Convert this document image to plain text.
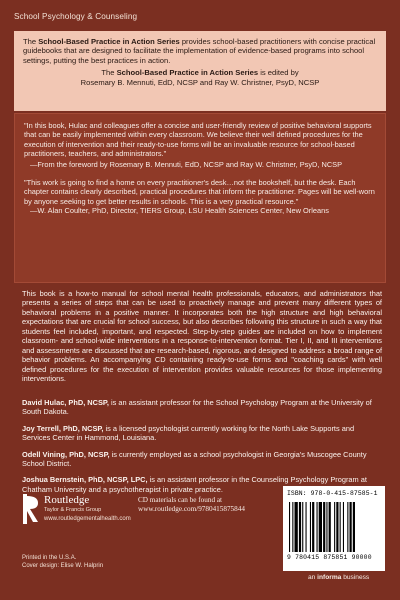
School Psychology & Counseling
The School-Based Practice in Action Series provides school-based practitioners with concise practical guidebooks that are designed to facilitate the implementation of evidence-based programs into school settings, putting the best practices in action.
The School-Based Practice in Action Series is edited by
Rosemary B. Mennuti, EdD, NCSP and Ray W. Christner, PsyD, NCSP
"In this book, Hulac and colleagues offer a concise and user-friendly review of positive behavioral supports that can be easily implemented within every classroom. We believe their well defined procedures for the execution of intervention and their ready-to-use forms will be an invaluable resource for school-based practitioners, teachers, and administrators."
—From the foreword by Rosemary B. Mennuti, EdD, NCSP and Ray W. Christner, PsyD, NCSP
"This work is going to find a home on every practitioner's desk…not the bookshelf, but the desk. Each chapter contains clearly described, practical procedures that inform the practitioner. Pages will be well-worn by anyone seeking to get better results in schools. This is a very practical resource."
—W. Alan Coulter, PhD, Director, TIERS Group, LSU Health Sciences Center, New Orleans
This book is a how-to manual for school mental health professionals, educators, and administrators that presents a series of steps that can be used to proactively manage and prevent many different types of behavioral problems in a positive manner. It incorporates both the high structure and high behavioral expectations that are crucial for school success, but also describes following this structure in such a way that students feel included, important, and respected. Step-by-step guides are included on how to implement classroom- and school-wide interventions in a response-to-intervention format. Tier I, II, and III interventions and assessments are discussed that are research-based, rigorous, and designed to address a broad range of behavior problems. An accompanying CD containing ready-to-use forms and "coaching cards" with well defined procedures for the execution of intervention provides valuable resources for those implementing interventions.
David Hulac, PhD, NCSP, is an assistant professor for the School Psychology Program at the University of South Dakota.
Joy Terrell, PhD, NCSP, is a licensed psychologist currently working for the North Lake Supports and Services Center in Hammond, Louisiana.
Odell Vining, PhD, NCSP, is currently employed as a school psychologist in Georgia's Muscogee County School District.
Joshua Bernstein, PhD, NCSP, LPC, is an assistant professor in the Counseling Psychology Program at Chatham University and a psychotherapist in private practice.
Routledge
Taylor & Francis Group
www.routledgementalhealth.com
CD materials can be found at
www.routledge.com/9780415875844
ISBN: 978-0-415-87585-1
9 780415 875851 90000
Printed in the U.S.A.
Cover design: Elise W. Halprin
an informa business
